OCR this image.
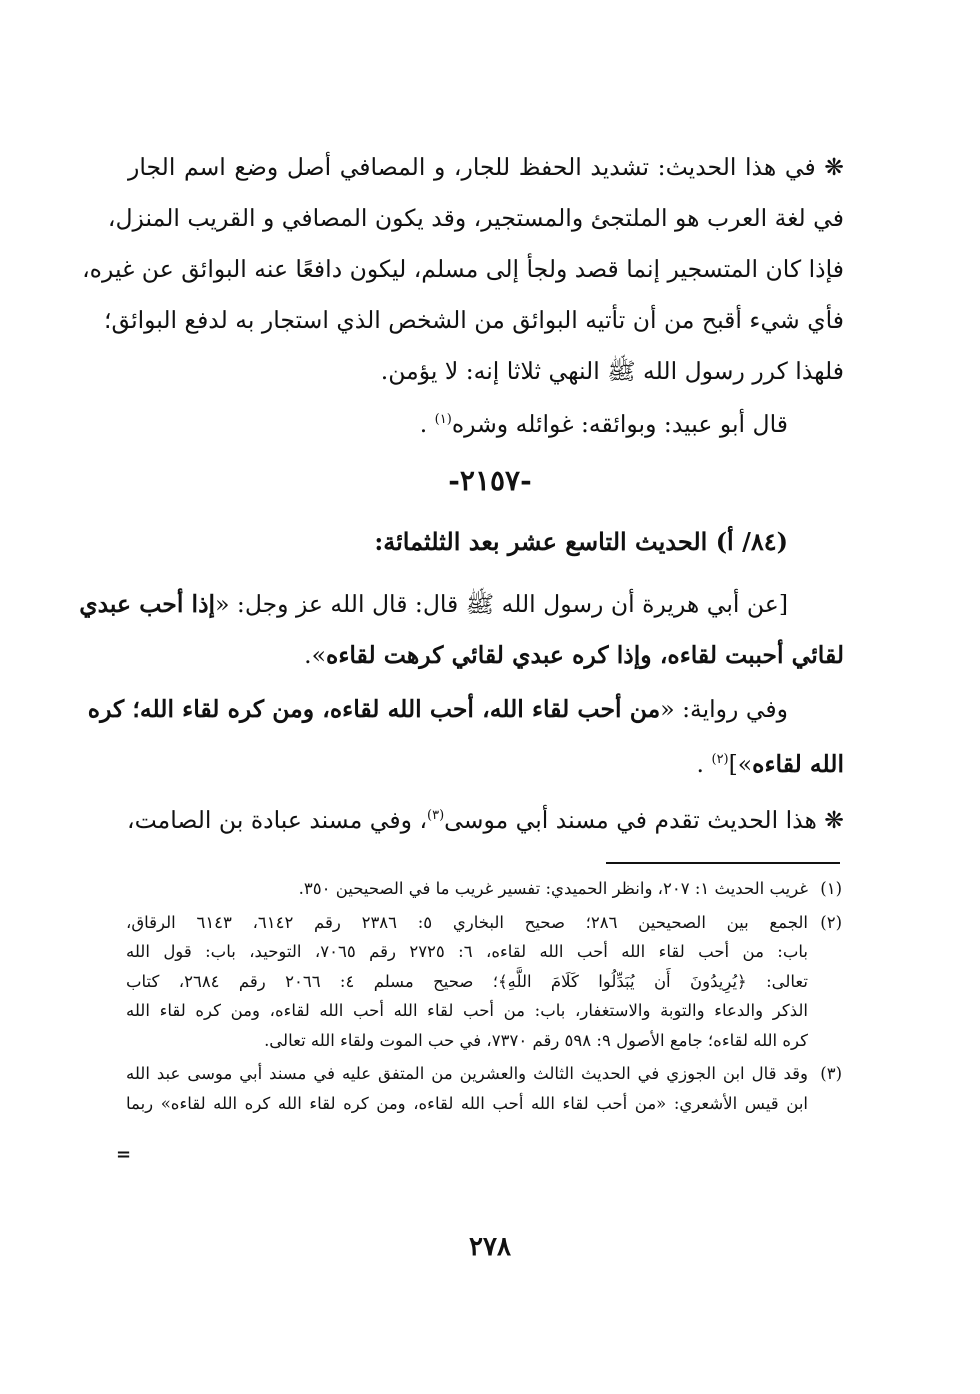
❋ في هذا الحديث: تشديد الحفظ للجار، و المصافي أصل وضع اسم الجار
في لغة العرب هو الملتجئ والمستجير، وقد يكون المصافي و القريب المنزل،
فإذا كان المتسجير إنما قصد ولجأ إلى مسلم، ليكون دافعًا عنه البوائق عن غيره،
فأي شيء أقبح من أن تأتيه البوائق من الشخص الذي استجار به لدفع البوائق؛
فلهذا كرر رسول الله ﷺ النهي ثلاثا إنه: لا يؤمن.
قال أبو عبيد: وبوائقه: غوائله وشره$^{(١)}$ .
-٢١٥٧-
(٨٤/ أ) الحديث التاسع عشر بعد الثلثمائة:
[عن أبي هريرة أن رسول الله ﷺ قال: قال الله عز وجل: «إذا أحب عبدي
لقائي أحببت لقاءه، وإذا كره عبدي لقائي كرهت لقاءه».
وفي رواية: «من أحب لقاء الله، أحب الله لقاءه، ومن كره لقاء الله؛ كره
الله لقاءه»]$^{(٢)}$ .
❋ هذا الحديث تقدم في مسند أبي موسى$^{(٣)}$، وفي مسند عبادة بن الصامت،
(١)
غريب الحديث ١: ٢٠٧، وانظر الحميدي: تفسير غريب ما في الصحيحين ٣٥٠.
(٢)
الجمع بين الصحيحين ٢٨٦؛ صحيح البخاري ٥: ٢٣٨٦ رقم ٦١٤٢، ٦١٤٣ الرقاق،
باب: من أحب لقاء الله أحب الله لقاءه، ٦: ٢٧٢٥ رقم ٧٠٦٥، التوحيد، باب: قول الله
تعالى: ﴿يُرِيدُونَ أَن يُبَدِّلُوا كَلَامَ اللَّهِ﴾؛ صحيح مسلم ٤: ٢٠٦٦ رقم ٢٦٨٤، كتاب
الذكر والدعاء والتوبة والاستغفار، باب: من أحب لقاء الله أحب الله لقاءه، ومن كره لقاء الله
كره الله لقاءه؛ جامع الأصول ٩: ٥٩٨ رقم ٧٣٧٠، في حب الموت ولقاء الله تعالى.
(٣)
وقد قال ابن الجوزي في الحديث الثالث والعشرين من المتفق عليه في مسند أبي موسى عبد الله
ابن قيس الأشعري: «من أحب لقاء الله أحب الله لقاءه، ومن كره لقاء الله كره الله لقاءه» ربما
=
٢٧٨
